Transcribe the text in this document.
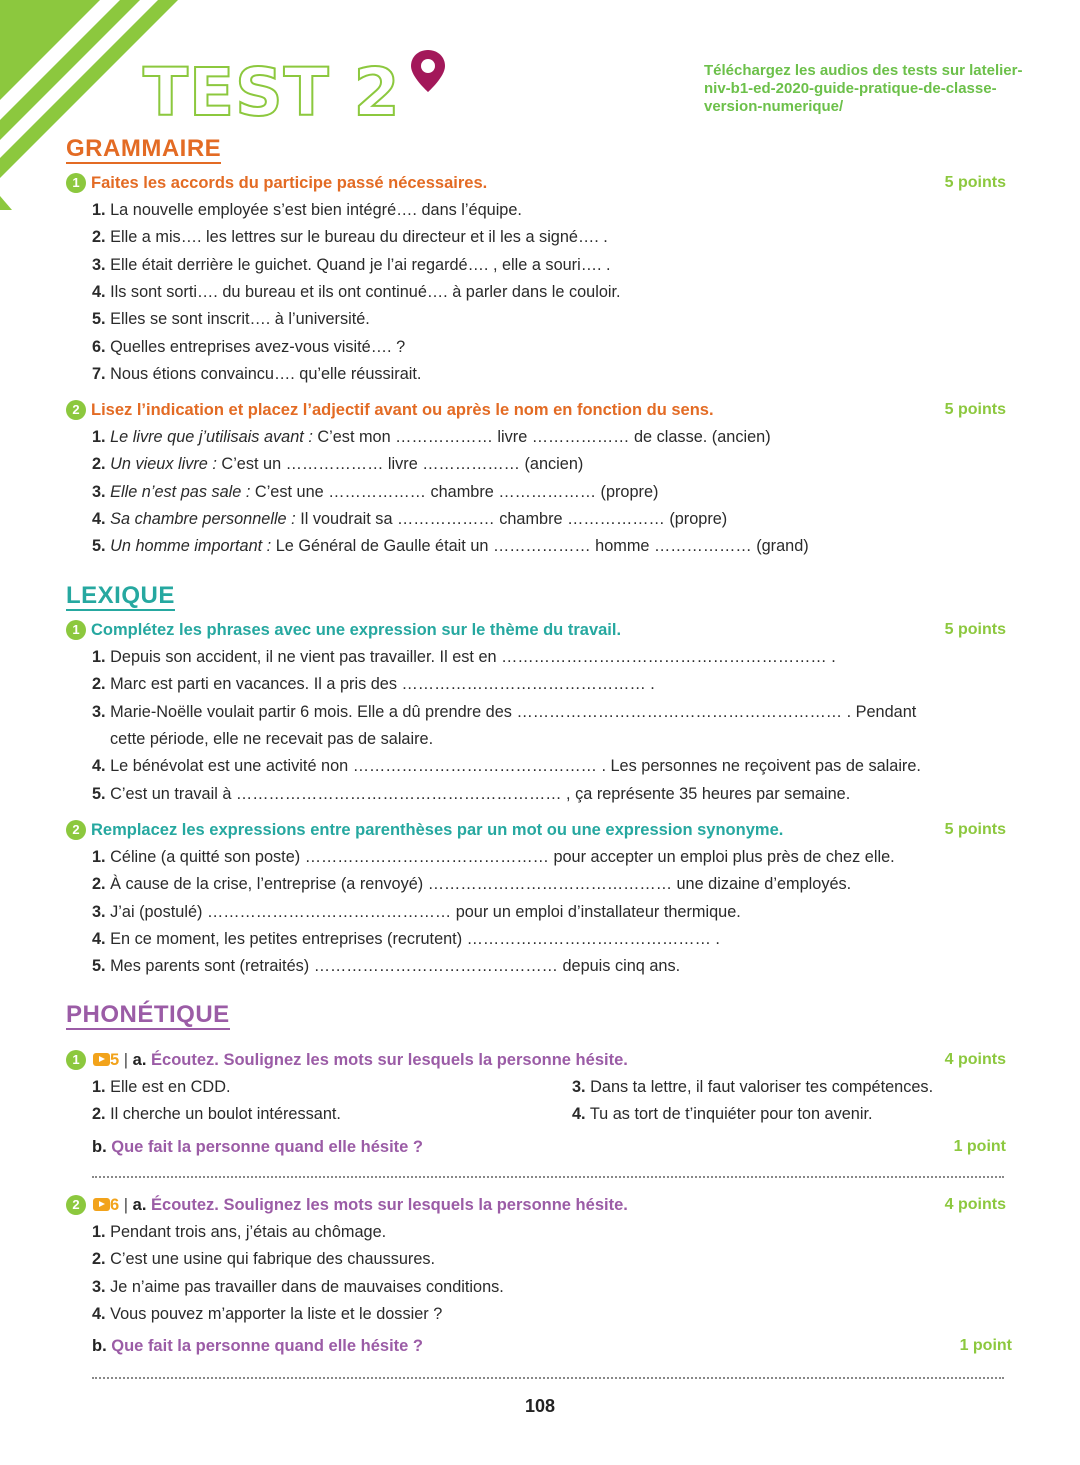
TEST 2	Téléchargez les audios des tests sur latelier-niv-b1-ed-2020-guide-pratique-de-classe-version-numerique/
GRAMMAIRE
1 Faites les accords du participe passé nécessaires.	5 points
1. La nouvelle employée s’est bien intégré…. dans l’équipe.
2. Elle a mis…. les lettres sur le bureau du directeur et il les a signé…. .
3. Elle était derrière le guichet. Quand je l’ai regardé…. , elle a souri…. .
4. Ils sont sorti…. du bureau et ils ont continué…. à parler dans le couloir.
5. Elles se sont inscrit…. à l’université.
6. Quelles entreprises avez-vous visité…. ?
7. Nous étions convaincu…. qu’elle réussirait.
2 Lisez l’indication et placez l’adjectif avant ou après le nom en fonction du sens.	5 points
1. Le livre que j’utilisais avant : C’est mon ……………… livre ……………… de classe. (ancien)
2. Un vieux livre : C’est un ……………… livre ……………… (ancien)
3. Elle n’est pas sale : C’est une ……………… chambre ……………… (propre)
4. Sa chambre personnelle : Il voudrait sa ……………… chambre ……………… (propre)
5. Un homme important : Le Général de Gaulle était un ……………… homme ……………… (grand)
LEXIQUE
1 Complétez les phrases avec une expression sur le thème du travail.	5 points
1. Depuis son accident, il ne vient pas travailler. Il est en …………………………………………………… .
2. Marc est parti en vacances. Il a pris des ……………………………………… .
3. Marie-Noëlle voulait partir 6 mois. Elle a dû prendre des …………………………………………………… . Pendant
cette période, elle ne recevait pas de salaire.
4. Le bénévolat est une activité non ……………………………………… . Les personnes ne reçoivent pas de salaire.
5. C’est un travail à …………………………………………………… , ça représente 35 heures par semaine.
2 Remplacez les expressions entre parenthèses par un mot ou une expression synonyme.	5 points
1. Céline (a quitté son poste) ……………………………………… pour accepter un emploi plus près de chez elle.
2. À cause de la crise, l’entreprise (a renvoyé) ……………………………………… une dizaine d’employés.
3. J’ai (postulé) ……………………………………… pour un emploi d’installateur thermique.
4. En ce moment, les petites entreprises (recrutent) ……………………………………… .
5. Mes parents sont (retraités) ……………………………………… depuis cinq ans.
PHONÉTIQUE
1 5 | a. Écoutez. Soulignez les mots sur lesquels la personne hésite.	4 points
1. Elle est en CDD.
2. Il cherche un boulot intéressant.
3. Dans ta lettre, il faut valoriser tes compétences.
4. Tu as tort de t’inquiéter pour ton avenir.
b. Que fait la personne quand elle hésite ?	1 point
2 6 | a. Écoutez. Soulignez les mots sur lesquels la personne hésite.	4 points
1. Pendant trois ans, j’étais au chômage.
2. C’est une usine qui fabrique des chaussures.
3. Je n’aime pas travailler dans de mauvaises conditions.
4. Vous pouvez m’apporter la liste et le dossier ?
b. Que fait la personne quand elle hésite ?	1 point
108
